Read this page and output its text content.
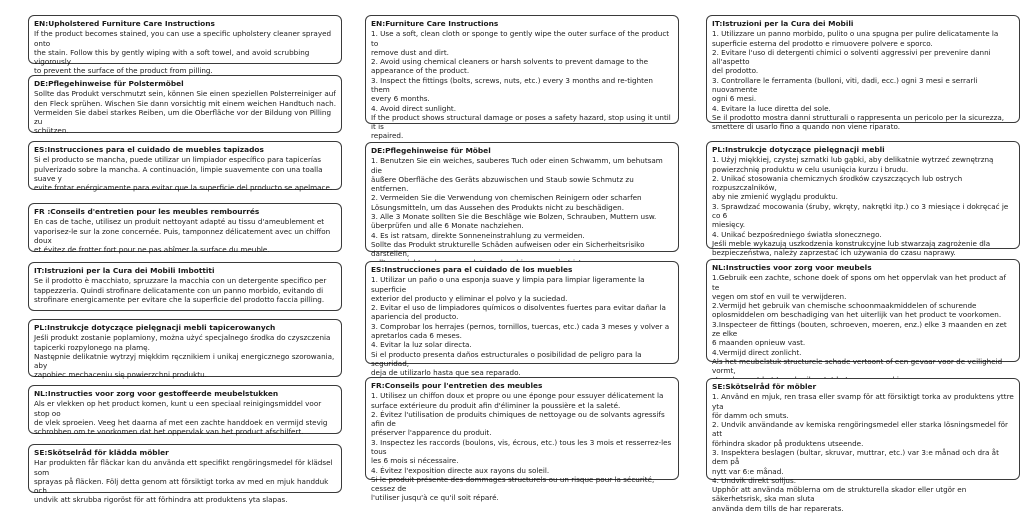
EN:Upholstered Furniture Care Instructions

If the product becomes stained, you can use a specific upholstery cleaner sprayed onto
the stain. Follow this by gently wiping with a soft towel, and avoid scrubbing vigorously
to prevent the surface of the product from pilling.

DE:Pflegehinweise für Polstermöbel

Sollte das Produkt verschmutzt sein, können Sie einen speziellen Polsterreiniger auf
den Fleck sprühen. Wischen Sie dann vorsichtig mit einem weichen Handtuch nach.
Vermeiden Sie dabei starkes Reiben, um die Oberfläche vor der Bildung von Pilling zu
schützen.

ES:Instrucciones para el cuidado de muebles tapizados

Si el producto se mancha, puede utilizar un limpiador específico para tapicerías
pulverizado sobre la mancha. A continuación, limpie suavemente con una toalla suave y
evite frotar enérgicamente para evitar que la superficie del producto se apelmace.

FR :Conseils d'entretien pour les meubles rembourrés

En cas de tache, utilisez un produit nettoyant adapté au tissu d'ameublement et
vaporisez-le sur la zone concernée. Puis, tamponnez délicatement avec un chiffon doux
et évitez de frotter fort pour ne pas abîmer la surface du meuble.

IT:Istruzioni per la Cura dei Mobili Imbottiti

Se il prodotto è macchiato, spruzzare la macchia con un detergente specifico per
tappezzeria. Quindi strofinare delicatamente con un panno morbido, evitando di
strofinare energicamente per evitare che la superficie del prodotto faccia pilling.

PL:Instrukcje dotyczące pielęgnacji mebli tapicerowanych

Jeśli produkt zostanie poplamiony, można użyć specjalnego środka do czyszczenia
tapicerki rozpylonego na plamę.
Następnie delikatnie wytrzyj miękkim ręcznikiem i unikaj energicznego szorowania, aby
zapobiec mechaceniu się powierzchni produktu.

NL:Instructies voor zorg voor gestoffeerde meubelstukken

Als er vlekken op het product komen, kunt u een speciaal reinigingsmiddel voor stop oo
de vlek sproeien. Veeg het daarna af met een zachte handdoek en vermijd stevig
schrobben om te voorkomen dat het oppervlak van het product afschilfert.

SE:Skötselråd för klädda möbler

Har produkten får fläckar kan du använda ett specifikt rengöringsmedel för klädsel som
sprayas på fläcken. Följ detta genom att försiktigt torka av med en mjuk handduk och
undvik att skrubba rigoröst för att förhindra att produktens yta slapas.

EN:Furniture Care Instructions

1. Use a soft, clean cloth or sponge to gently wipe the outer surface of the product to
remove dust and dirt.
2. Avoid using chemical cleaners or harsh solvents to prevent damage to the
appearance of the product.
3. Inspect the fittings (bolts, screws, nuts, etc.) every 3 months and re-tighten them
every 6 months.
4. Avoid direct sunlight.
If the product shows structural damage or poses a safety hazard, stop using it until it is
repaired.

DE:Pflegehinweise für Möbel

1. Benutzen Sie ein weiches, sauberes Tuch oder einen Schwamm, um behutsam die
äußere Oberfläche des Geräts abzuwischen und Staub sowie Schmutz zu entfernen.
2. Vermeiden Sie die Verwendung von chemischen Reinigern oder scharfen
Lösungsmitteln, um das Aussehen des Produkts nicht zu beschädigen.
3. Alle 3 Monate sollten Sie die Beschläge wie Bolzen, Schrauben, Muttern usw.
überprüfen und alle 6 Monate nachziehen.
4. Es ist ratsam, direkte Sonneneinstrahlung zu vermeiden.
Sollte das Produkt strukturelle Schäden aufweisen oder ein Sicherheitsrisiko darstellen,

ES:Instrucciones para el cuidado de los muebles

1. Utilizar un paño o una esponja suave y limpia para limpiar ligeramente la superficie
exterior del producto y eliminar el polvo y la suciedad.
2. Evitar el uso de limpiadores químicos o disolventes fuertes para evitar dañar la
apariencia del producto.
3. Comprobar los herrajes (pernos, tornillos, tuercas, etc.) cada 3 meses y volver a
apretarlos cada 6 meses.
4. Evitar la luz solar directa.
Si el producto presenta daños estructurales o posibilidad de peligro para la seguridad,
deja de utilizarlo hasta que sea reparado.

FR:Conseils pour l'entretien des meubles

1. Utilisez un chiffon doux et propre ou une éponge pour essuyer délicatement la
surface extérieure du produit afin d'éliminer la poussière et la saleté.
2. Évitez l'utilisation de produits chimiques de nettoyage ou de solvants agressifs afin de
préserver l'apparence du produit.
3. Inspectez les raccords (boulons, vis, écrous, etc.) tous les 3 mois et resserrez-les tous
les 6 mois si nécessaire.
4. Évitez l'exposition directe aux rayons du soleil.
Si le produit présente des dommages structurels ou un risque pour la sécurité, cessez de
l'utiliser jusqu'à ce qu'il soit réparé.

IT:Istruzioni per la Cura dei Mobili

1. Utilizzare un panno morbido, pulito o una spugna per pulire delicatamente la
superficie esterna del prodotto e rimuovere polvere e sporco.
2. Evitare l'uso di detergenti chimici o solventi aggressivi per prevenire danni all'aspetto
del prodotto.
3. Controllare le ferramenta (bulloni, viti, dadi, ecc.) ogni 3 mesi e serrarli nuovamente
ogni 6 mesi.
4. Evitare la luce diretta del sole.
Se il prodotto mostra danni strutturali o rappresenta un pericolo per la sicurezza,
smettere di usarlo fino a quando non viene riparato.

PL:Instrukcje dotyczące pielęgnacji mebli

1. Użyj miękkiej, czystej szmatki lub gąbki, aby delikatnie wytrzeć zewnętrzną
powierzchnię produktu w celu usunięcia kurzu i brudu.
2. Unikać stosowania chemicznych środków czyszczących lub ostrych rozpuszczalników,
aby nie zmienić wyglądu produktu.
3. Sprawdzać mocowania (śruby, wkręty, nakrętki itp.) co 3 miesiące i dokręcać je co 6
miesięcy.
4. Unikać bezpośredniego światła słonecznego.
Jeśli meble wykazują uszkodzenia konstrukcyjne lub stwarzają zagrożenie dla
bezpieczeństwa, należy zaprzestać ich używania do czasu naprawy.

NL:Instructies voor zorg voor meubels

1.Gebruik een zachte, schone doek of spons om het oppervlak van het product af te
vegen om stof en vuil te verwijderen.
2.Vermijd het gebruik van chemische schoonmaakmiddelen of schurende
oplosmiddelen om beschadiging van het uiterlijk van het product te voorkomen.
3.Inspecteer de fittings (bouten, schroeven, moeren, enz.) elke 3 maanden en zet ze elke
6 maanden opnieuw vast.
4.Vermijd direct zonlicht.
Als het meubelstuk structurele schade vertoont of een gevaar voor de veiligheid vormt,

SE:Skötselråd för möbler

1. Använd en mjuk, ren trasa eller svamp för att försiktigt torka av produktens yttre yta
för damm och smuts.
2. Undvik användande av kemiska rengöringsmedel eller starka lösningsmedel för att
förhindra skador på produktens utseende.
3. Inspektera beslagen (bultar, skruvar, muttrar, etc.) var 3:e månad och dra åt dem på
nytt var 6:e månad.
4. Undvik direkt solljus.
Upphör att använda möblerna om de strukturella skador eller utgör en säkerhetsrisk, ska man sluta
använda dem tills de har reparerats.
